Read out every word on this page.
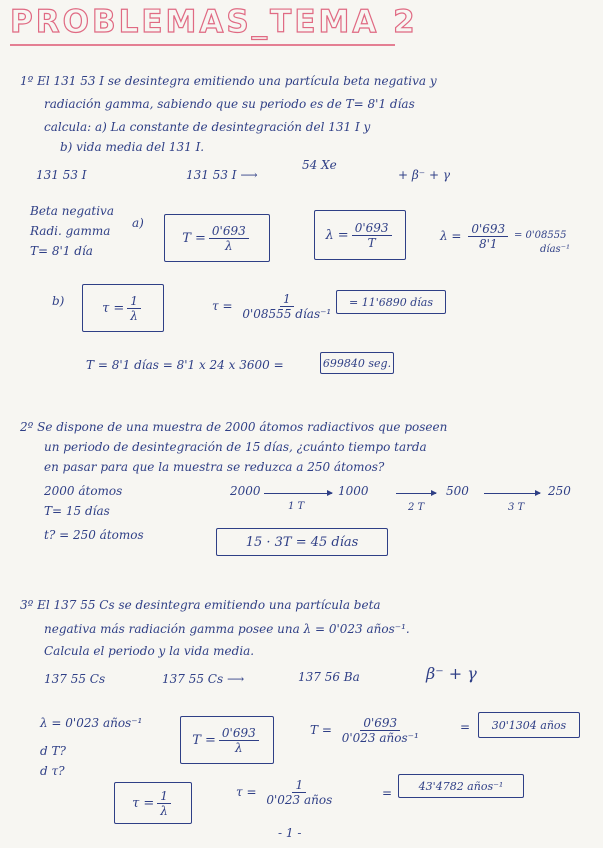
PROBLEMAS_TEMA 2
1º El 131 53 I se desintegra emitiendo una partícula beta negativa y
radiación gamma, sabiendo que su periodo es de T= 8'1 días
calcula: a) La constante de desintegración del 131 I y
b) vida media del 131 I.
131 53 I	131 53 I ⟶
54 Xe
+ β⁻ + γ
Beta negativa
Radi. gamma
T= 8'1 día
a)
$T = \frac{0'693}{\lambda}$	$\lambda = \frac{0'693}{T}$	$\lambda = \frac{0'693}{8'1} = 0'08555$
días⁻¹
b)	$\tau = \frac{1}{\lambda}$	$\tau = \frac{1}{\text{0'08555 días⁻¹}}$	= 11'6890 días
T = 8'1 días = 8'1 x 24 x 3600 =	699840 seg.
2º Se dispone de una muestra de 2000 átomos radiactivos que poseen
un periodo de desintegración de 15 días, ¿cuánto tiempo tarda
en pasar para que la muestra se reduzca a 250 átomos?
2000 átomos
T= 15 días
t? = 250 átomos
2000	1000	500	250
1 T	2 T	3 T
15 · 3T = 45 días
3º El 137 55 Cs se desintegra emitiendo una partícula beta
negativa más radiación gamma posee una λ = 0'023 años⁻¹.
Calcula el periodo y la vida media.
137 55 Cs	137 55 Cs ⟶	137 56 Ba	β⁻ + γ
λ = 0'023 años⁻¹
d T?
d τ?
$T = \frac{0'693}{\lambda}$	$T = \frac{0'693}{\text{0'023 años⁻¹}}$	=	30'1304 años
$\tau = \frac{1}{\lambda}$	$\tau = \frac{1}{\text{0'023 años}}$	=	43'4782 años⁻¹
- 1 -
